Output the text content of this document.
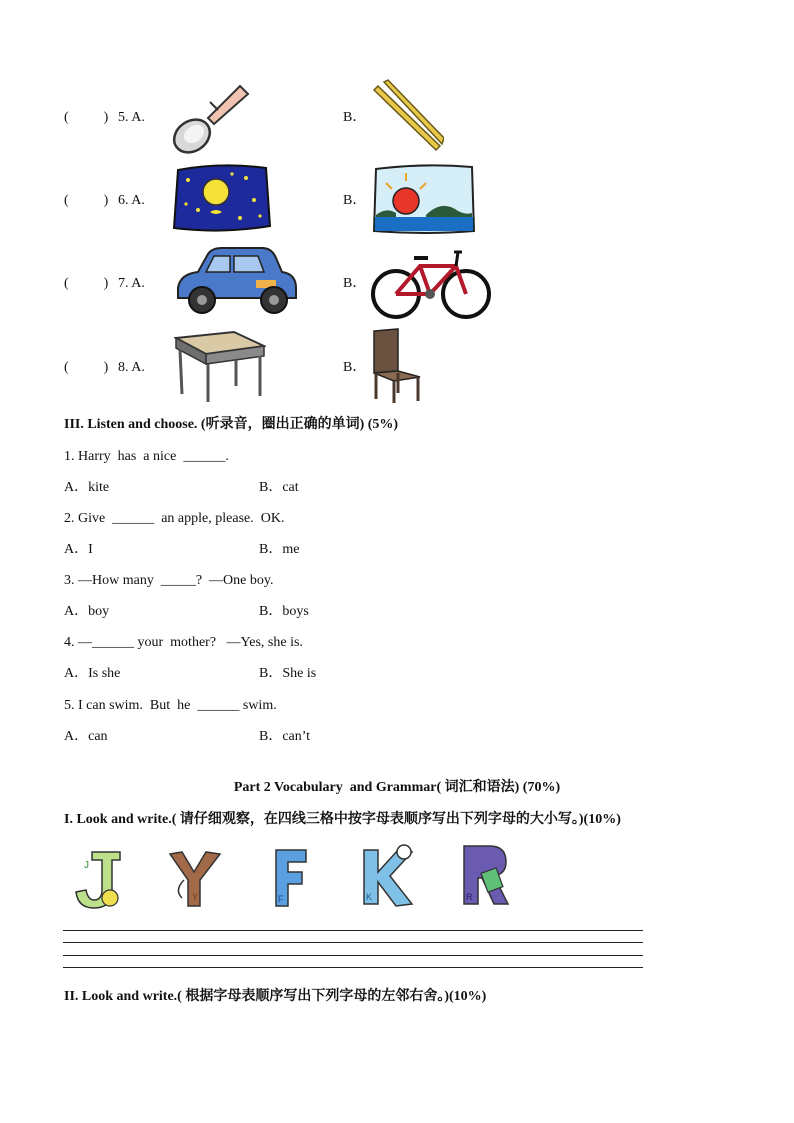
(          ) 5. A.	B．
(          ) 6. A.	B．
(          ) 7. A.	B．
(          ) 8. A.	B．
III. Listen and choose. (听录音，圈出正确的单词) (5%)
1. Harry  has  a nice  ______.
A．kite	B．cat
2. Give  ______  an apple, please.  OK.
A．I	B．me
3. —How many  _____?  —One boy.
A．boy	B．boys
4. —______ your  mother?   —Yes, she is.
A．Is she	B．She is
5. I can swim.  But  he  ______ swim.
A．can	B．can’t
Part 2 Vocabulary  and Grammar( 词汇和语法) (70%)
I. Look and write.( 请仔细观察，在四线三格中按字母表顺序写出下列字母的大小写。)(10%)
J
Y	F	K	R
II. Look and write.( 根据字母表顺序写出下列字母的左邻右舍。)(10%)
